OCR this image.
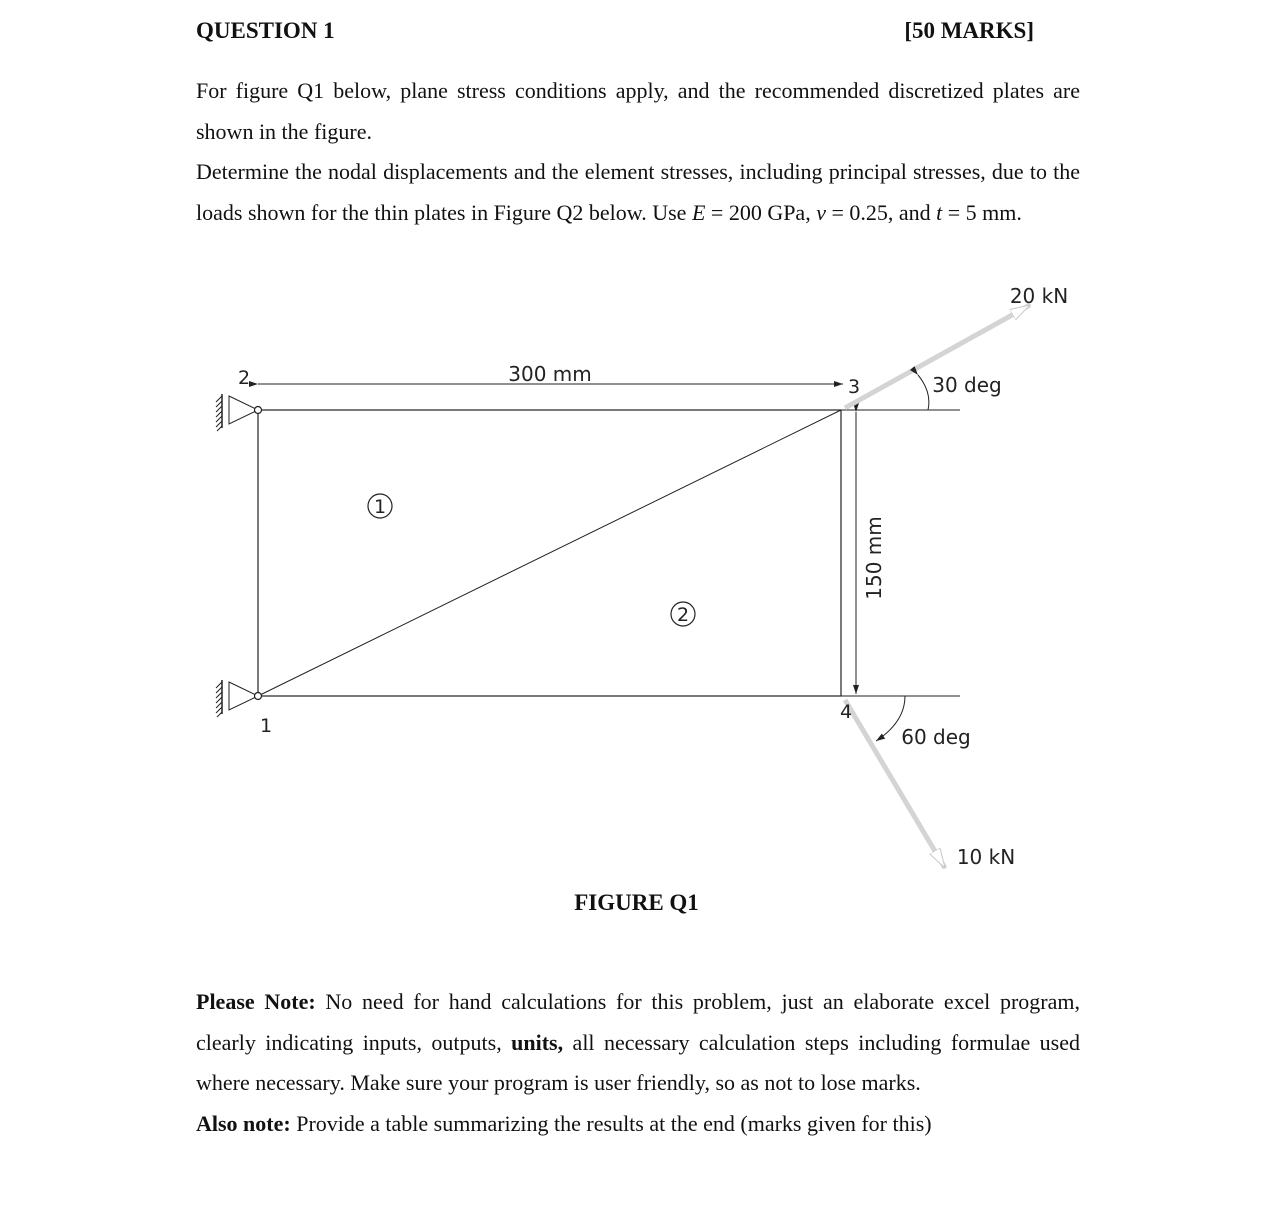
QUESTION 1	[50 MARKS]

For figure Q1 below, plane stress conditions apply, and the recommended discretized plates are shown in the figure.

Determine the nodal displacements and the element stresses, including principal stresses, due to the loads shown for the thin plates in Figure Q2 below. Use E = 200 GPa, ν = 0.25, and t = 5 mm.

1
2
2
1
3
4
300 mm
150 mm
20 kN
30 deg
60 deg
10 kN
FIGURE Q1

Please Note: No need for hand calculations for this problem, just an elaborate excel program, clearly indicating inputs, outputs, units, all necessary calculation steps including formulae used where necessary. Make sure your program is user friendly, so as not to lose marks.

Also note: Provide a table summarizing the results at the end (marks given for this)
